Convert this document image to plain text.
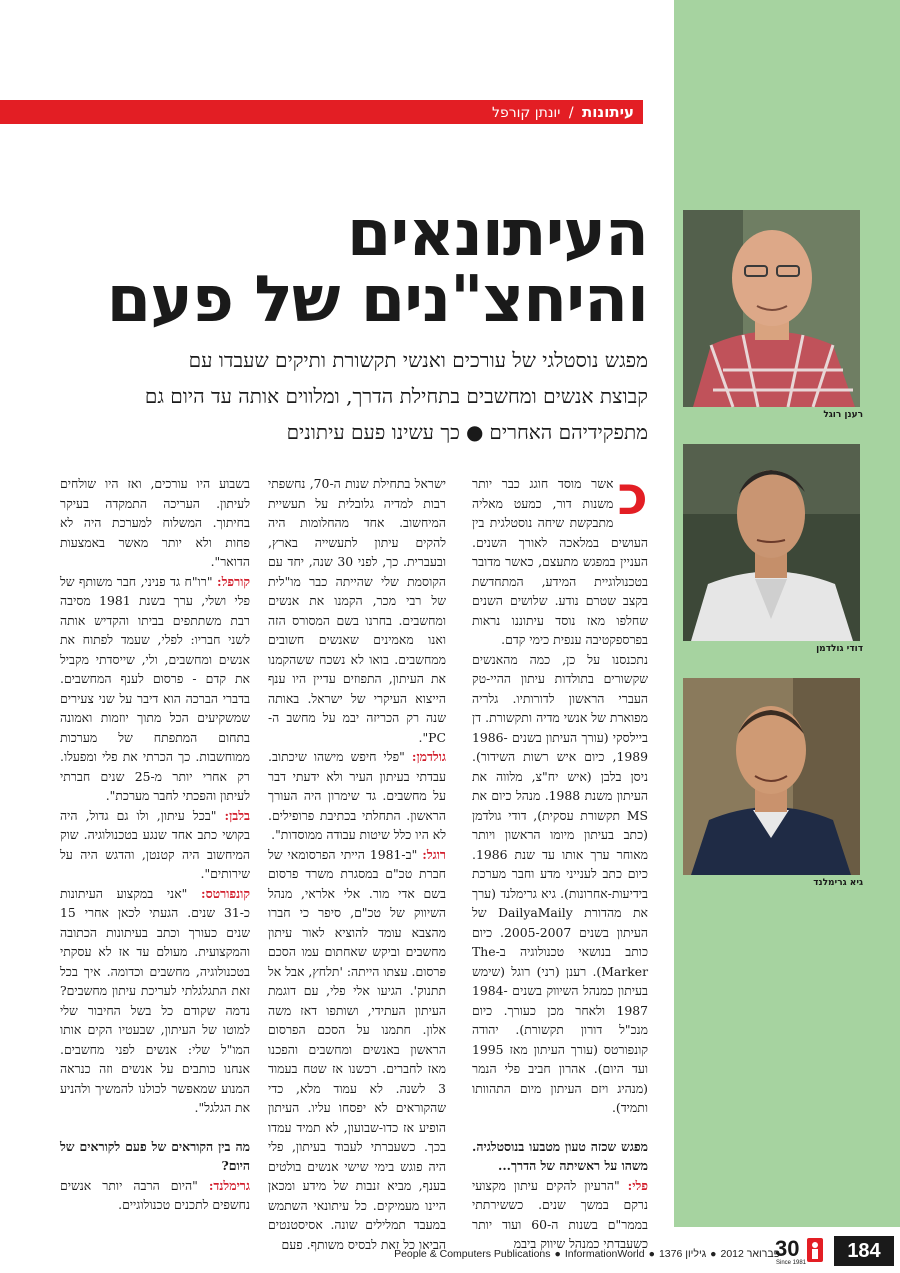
עיתונות / יונתן קורפל
העיתונאים
והיחצ"נים של פעם
מפגש נוסטלגי של עורכים ואנשי תקשורת ותיקים שעבדו עם
קבוצת אנשים ומחשבים בתחילת הדרך, ומלווים אותה עד היום גם
מתפקידיהם האחרים●כך עשינו פעם עיתונים

כ
אשר מוסד חוגג כבר יותר משנות דור, כמעט מאליה מתבקשת שיחה נוסטלגית בין העושים במלאכה לאורך השנים. העניין במפגש מתעצם, כאשר מדובר בטכנולוגיית המידע, המתחדשת בקצב שטרם נודע. שלושים השנים שחלפו מאז נוסד עיתוננו נראות בפרספקטיבה ענפית כימי קדם.

נתכנסנו על כן, כמה מהאנשים שקשורים בתולדות עיתון ההיי-טק העברי הראשון לדורותיו. גלריה מפוארת של אנשי מדיה ותקשורת. דן ביילסקי (עורך העיתון בשנים 1986-1989, כיום איש רשות השידור). ניסן בלבן (איש יח"צ, מלווה את העיתון משנת 1988. מנהל כיום את MS תקשורת עסקית), דודי גולדמן (כתב בעיתון מיומו הראשון ויותר מאוחר ערך אותו עד שנת 1986. כיום כתב לענייני מדע וחבר מערכת בידיעות-אחרונות). גיא גרימלנד (ערך את מהדורת DailyaMaily של העיתון בשנים 2005-2007. כיום כותב בנושאי טכנולוגיה ב-The Marker). רענן (רני) רוגל (שימש בעיתון כמנהל השיווק בשנים 1984-1987 ולאחר מכן כעורך. כיום מנכ"ל דורון תקשורת). יהודה קונפורטס (עורך העיתון מאז 1995 ועד היום). אהרון חביב פלי הנמר (מנהיג ויזם העיתון מיום התהוותו ותמיד).

מפגש שכזה טעון מטבעו בנוסטלגיה. משהו על ראשיתה של הדרך...

פלי: "הרעיון להקים עיתון מקצועי נרקם במשך שנים. כששירתתי בממר"ם בשנות ה-60 ועוד יותר כשעבדתי כמנהל שיווק ביבמ

ישראל בתחילת שנות ה-70, נחשפתי רבות למדיה גלובלית על תעשיית המיחשוב. אחד מהחלומות היה להקים עיתון לתעשייה בארץ, ובעברית. כך, לפני 30 שנה, יחד עם הקוסמת שלי שהייתה כבר מו"לית של רבי מכר, הקמנו את אנשים ומחשבים. בחרנו בשם המסורס הזה ואנו מאמינים שאנשים חשובים ממחשבים. בואו לא נשכח ששהקמנו את העיתון, התפוזים עדיין היו ענף הייצוא העיקרי של ישראל. באותה שנה רק הכריזה יבמ על מחשב ה-PC".

גולדמן: "פלי חיפש מישהו שיכתוב. עבדתי בעיתון העיר ולא ידעתי דבר על מחשבים. גד שימרון היה העורך הראשון. התחלתי בכתיבת פרופילים. לא היו כלל שיטות עבודה ממוסדות".

רוגל: "ב-1981 הייתי הפרסומאי של חברת טכ"ם במסגרת משרד פרסום בשם אדי מור. אלי אלראי, מנהל השיווק של טכ"ם, סיפר כי חברו מהצבא עומד להוציא לאור עיתון מחשבים וביקש שאחתום עמו הסכם פרסום. עצתו הייתה: 'תלחץ, אבל אל תתנוק'. הגיעו אלי פלי, עם דוגמת העיתון העתידי, ושותפו דאז משה אלון. חתמנו על הסכם הפרסום הראשון באנשים ומחשבים והפכנו מאז לחברים. רכשנו אז שטח בעמוד 3 לשנה. לא עמוד מלא, כדי שהקוראים לא יפסחו עליו. העיתון הופיע אז כדו-שבועון, לא תמיד עמדו בכך. כשעברתי לעבוד בעיתון, פלי היה פוגש בימי שישי אנשים בולטים בענף, מביא זנבות של מידע ומכאן היינו מעמיקים. כל עיתונאי השתמש במעבד תמלילים שונה. אסיסטנטים הביאו כל זאת לבסיס משותף. פעם

בשבוע היו עורכים, ואז היו שולחים לעיתון. העריכה התמקדה בעיקר בחיתוך. המשלוח למערכת היה לא פחות ולא יותר מאשר באמצעות הדואר".

קורפל: "רו"ח גד פניני, חבר משותף של פלי ושלי, ערך בשנת 1981 מסיבה רבת משתתפים בביתו והקדיש אותה לשני חבריו: לפלי, שעמד לפתוח את אנשים ומחשבים, ולי, שייסדתי מקביל את קדם - פרסום לענף המחשבים. בדברי הברכה הוא דיבר על שני צעירים שמשקיעים הכל מתוך יוזמות ואמונה בתחום המתפתח של מערכות ממוחשבות. כך הכרתי את פלי ומפעלו. רק אחרי יותר מ-25 שנים חברתי לעיתון והפכתי לחבר מערכת".

בלבן: "בכל עיתון, ולו גם גדול, היה בקושי כתב אחד שנגע בטכנולוגיה. שוק המיחשוב היה קטנטן, והדגש היה על שירותים".

קונפורטס: "אני במקצוע העיתונות כ-31 שנים. הגעתי לכאן אחרי 15 שנים כעורך וכתב בעיתונות הכתובה והמקצועית. מעולם עד אז לא עסקתי בטכנולוגיה, מחשבים וכדומה. איך בכל זאת התגלגלתי לעריכת עיתון מחשבים? נדמה שקודם כל בשל החיבור שלי למוטו של העיתון, שבעטיו הקים אותו המו"ל שלי: אנשים לפני מחשבים. אנחנו כותבים על אנשים וזה כנראה המנוע שמאפשר לכולנו להמשיך ולהניע את הגלגל".

מה בין הקוראים של פעם לקוראים של היום?

גרימלנד: "היום הרבה יותר אנשים נחשפים לתכנים טכנולוגיים.

רענן רוגל
דודי גולדמן
גיא גרימלנד
People & Computers Publications ● InformationWorld ●	פברואר 2012●גיליון 1376	30
Since 1981
184
